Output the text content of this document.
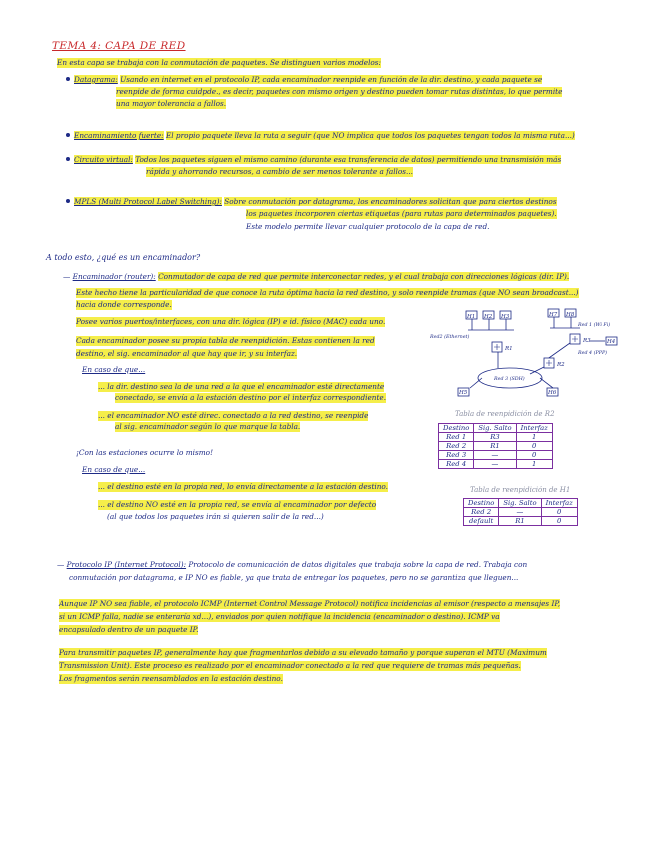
TEMA 4: CAPA DE RED
En esta capa se trabaja con la conmutación de paquetes. Se distinguen varios modelos:
Datagrama: Usando en internet en el protocolo IP, cada encaminador reenpide en función de la dir. destino, y cada paquete se
reenpide de forma cuidpde., es decir, paquetes con mismo origen y destino pueden tomar rutas distintas, lo que permite
una mayor tolerancia a fallos.
Encaminamiento fuerte: El propio paquete lleva la ruta a seguir (que NO implica que todos los paquetes tengan todos la misma ruta...)
Circuito virtual: Todos los paquetes siguen el mismo camino (durante esa transferencia de datos) permitiendo una transmisión más
rápida y ahorrando recursos, a cambio de ser menos tolerante a fallos...
MPLS (Multi Protocol Label Switching): Sobre conmutación por datagrama, los encaminadores solicitan que para ciertos destinos
los paquetes incorporen ciertas etiquetas (para rutas para determinados paquetes).
Este modelo permite llevar cualquier protocolo de la capa de red.
A todo esto, ¿qué es un encaminador?
— Encaminador (router): Conmutador de capa de red que permite interconectar redes, y el cual trabaja con direcciones lógicas (dir. IP).
Este hecho tiene la particularidad de que conoce la ruta óptima hacia la red destino, y solo reenpide tramas (que NO sean broadcast...)
hacia donde corresponde.
Posee varios puertos/interfaces, con una dir. lógica (IP) e id. físico (MAC) cada uno.
Cada encaminador posee su propia tabla de reenpidición. Estas contienen la red
destino, el sig. encaminador al que hay que ir, y su interfaz.
En caso de que...
... la dir. destino sea la de una red a la que el encaminador esté directamente
conectado, se envía a la estación destino por el interfaz correspondiente.
... el encaminador NO esté direc. conectado a la red destino, se reenpide
al sig. encaminador según lo que marque la tabla.
¡Con las estaciones ocurre lo mismo!
En caso de que...
... el destino esté en la propia red, lo envía directamente a la estación destino.
... el destino NO esté en la propia red, se envía al encaminador por defecto
(al que todos los paquetes irán si quieren salir de la red...)
H1 H2 H3	H7 H8
H4
H5	H6
R1
R2
R3
Red 1 (Wi Fi)
Red2 (Ethernet)
Red 3 (SDH)
Red 4 (PPP)
Tabla de reenpidición de R2
Destino	Sig. Salto	Interfaz
Red 1	R3	1
Red 2	R1	0
Red 3	—	0
Red 4	—	1
Tabla de reenpidición de H1
Destino	Sig. Salto	Interfaz
Red 2	—	0
default	R1	0
— Protocolo IP (Internet Protocol): Protocolo de comunicación de datos digitales que trabaja sobre la capa de red. Trabaja con
conmutación por datagrama, e IP NO es fiable, ya que trata de entregar los paquetes, pero no se garantiza que lleguen...
Aunque IP NO sea fiable, el protocolo ICMP (Internet Control Message Protocol) notifica incidencias al emisor (respecto a mensajes IP,
si un ICMP falla, nadie se enteraría xd...), enviados por quien notifique la incidencia (encaminador o destino). ICMP va
encapsulado dentro de un paquete IP.
Para transmitir paquetes IP, generalmente hay que fragmentarlos debido a su elevado tamaño y porque superan el MTU (Maximum
Transmission Unit). Este proceso es realizado por el encaminador conectado a la red que requiere de tramas más pequeñas.
Los fragmentos serán reensamblados en la estación destino.
